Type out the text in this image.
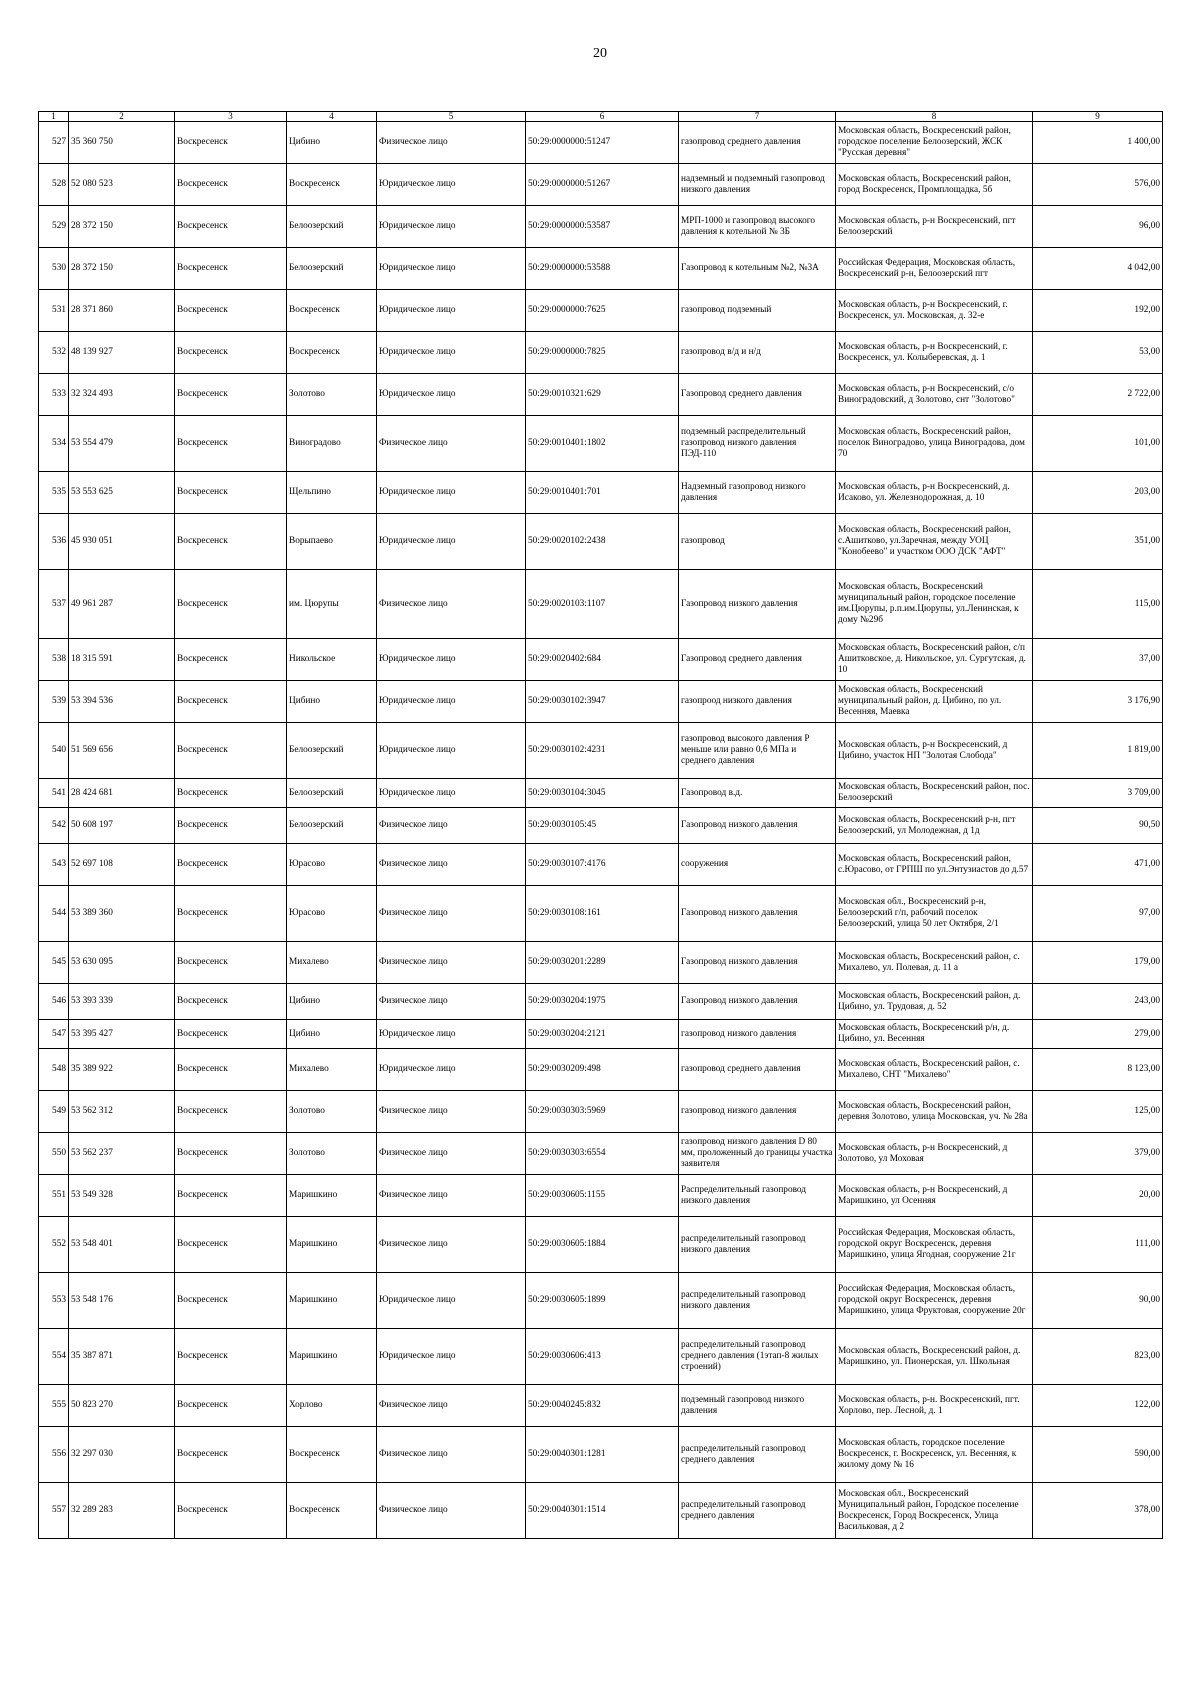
20
1	2	3	4	5	6	7	8	9
527	35 360 750	Воскресенск	Цибино	Физическое лицо	50:29:0000000:51247	газопровод среднего давления	Московская область, Воскресенский район, городское поселение Белоозерский, ЖСК "Русская деревня"	1 400,00
528	52 080 523	Воскресенск	Воскресенск	Юридическое лицо	50:29:0000000:51267	надземный и подземный газопровод низкого давления	Московская область, Воскресенский район, город Воскресенск, Промплощадка, 5б	576,00
529	28 372 150	Воскресенск	Белоозерский	Юридическое лицо	50:29:0000000:53587	МРП-1000 и газопровод высокого давления к котельной № 3Б	Московская область, р-н Воскресенский, пгт Белоозерский	96,00
530	28 372 150	Воскресенск	Белоозерский	Юридическое лицо	50:29:0000000:53588	Газопровод к котельным №2, №3А	Российская Федерация, Московская область, Воскресенский р-н, Белоозерский пгт	4 042,00
531	28 371 860	Воскресенск	Воскресенск	Юридическое лицо	50:29:0000000:7625	газопровод подземный	Московская область, р-н Воскресенский, г. Воскресенск, ул. Московская, д. 32-е	192,00
532	48 139 927	Воскресенск	Воскресенск	Юридическое лицо	50:29:0000000:7825	газопровод в/д и н/д	Московская область, р-н Воскресенский, г. Воскресенск, ул. Колыберевская, д. 1	53,00
533	32 324 493	Воскресенск	Золотово	Юридическое лицо	50:29:0010321:629	Газопровод среднего давления	Московская область, р-н Воскресенский, с/о Виноградовский, д Золотово, снт "Золотово"	2 722,00
534	53 554 479	Воскресенск	Виноградово	Физическое лицо	50:29:0010401:1802	подземный распределительный газопровод низкого давления ПЭД-110	Московская область, Воскресенский район, поселок Виноградово, улица Виноградова, дом 70	101,00
535	53 553 625	Воскресенск	Щельпино	Юридическое лицо	50:29:0010401:701	Надземный газопровод низкого давления	Московская область, р-н Воскресенский, д. Исаково, ул. Железнодорожная, д. 10	203,00
536	45 930 051	Воскресенск	Ворыпаево	Юридическое лицо	50:29:0020102:2438	газопровод	Московская область, Воскресенский район, с.Ашитково, ул.Заречная, между УОЦ "Конобеево" и участком ООО ДСК "АФТ"	351,00
537	49 961 287	Воскресенск	им. Цюрупы	Физическое лицо	50:29:0020103:1107	Газопровод низкого давления	Московская область, Воскресенский муниципальный район, городское поселение им.Цюрупы, р.п.им.Цюрупы, ул.Ленинская, к дому №29б	115,00
538	18 315 591	Воскресенск	Никольское	Юридическое лицо	50:29:0020402:684	Газопровод среднего давления	Московская область, Воскресенский район, с/п Ашитковское, д. Никольское, ул. Сургутская, д. 10	37,00
539	53 394 536	Воскресенск	Цибино	Юридическое лицо	50:29:0030102:3947	газопроод низкого давления	Московская область, Воскресенский муниципальный район, д. Цибино, по ул. Весенняя, Маевка	3 176,90
540	51 569 656	Воскресенск	Белоозерский	Юридическое лицо	50:29:0030102:4231	газопровод высокого давления Р меньше или равно 0,6 МПа и среднего давления	Московская область, р-н Воскресенский, д Цибино, участок НП "Золотая Слобода"	1 819,00
541	28 424 681	Воскресенск	Белоозерский	Юридическое лицо	50:29:0030104:3045	Газопровод в.д.	Московская область, Воскресенский район, пос. Белоозерский	3 709,00
542	50 608 197	Воскресенск	Белоозерский	Физическое лицо	50:29:0030105:45	Газопровод низкого давления	Московская область, Воскресенский р-н, пгт Белоозерский, ул Молодежная, д 1д	90,50
543	52 697 108	Воскресенск	Юрасово	Физическое лицо	50:29:0030107:4176	сооружения	Московская область, Воскресенский район, с.Юрасово, от ГРПШ по ул.Энтузиастов до д.57	471,00
544	53 389 360	Воскресенск	Юрасово	Физическое лицо	50:29:0030108:161	Газопровод низкого давления	Московская обл., Воскресенский р-н, Белоозерский г/п, рабочий поселок Белоозерский, улица 50 лет Октября, 2/1	97,00
545	53 630 095	Воскресенск	Михалево	Физическое лицо	50:29:0030201:2289	Газопровод низкого давления	Московская область, Воскресенский район, с. Михалево, ул. Полевая, д. 11 а	179,00
546	53 393 339	Воскресенск	Цибино	Физическое лицо	50:29:0030204:1975	Газопровод низкого давления	Московская область, Воскресенский район, д. Цибино, ул. Трудовая, д. 52	243,00
547	53 395 427	Воскресенск	Цибино	Юридическое лицо	50:29:0030204:2121	газопровод низкого давления	Московская область, Воскресенский р/н, д. Цибино, ул. Весенняя	279,00
548	35 389 922	Воскресенск	Михалево	Юридическое лицо	50:29:0030209:498	газопровод среднего давления	Московская область, Воскресенский район, с. Михалево, СНТ "Михалево"	8 123,00
549	53 562 312	Воскресенск	Золотово	Физическое лицо	50:29:0030303:5969	газопровод низкого давления	Московская область, Воскресенский район, деревня Золотово, улица Московская, уч. № 28а	125,00
550	53 562 237	Воскресенск	Золотово	Физическое лицо	50:29:0030303:6554	газопровод низкого давления D 80 мм, проложенный до границы участка заявителя	Московская область, р-н Воскресенский, д Золотово, ул Моховая	379,00
551	53 549 328	Воскресенск	Маришкино	Физическое лицо	50:29:0030605:1155	Распределительный газопровод низкого давления	Московская область, р-н Воскресенский, д Маришкино, ул Осенняя	20,00
552	53 548 401	Воскресенск	Маришкино	Физическое лицо	50:29:0030605:1884	распределительный газопровод низкого давления	Российская Федерация, Московская область, городской округ Воскресенск, деревня Маришкино, улица Ягодная, сооружение 21г	111,00
553	53 548 176	Воскресенск	Маришкино	Юридическое лицо	50:29:0030605:1899	распределительный газопровод низкого давления	Российская Федерация, Московская область, городской округ Воскресенск, деревня Маришкино, улица Фруктовая, сооружение 20г	90,00
554	35 387 871	Воскресенск	Маришкино	Юридическое лицо	50:29:0030606:413	распределительный газопровод среднего давления (1этап-8 жилых строений)	Московская область, Воскресенский район, д. Маришкино, ул. Пионерская, ул. Школьная	823,00
555	50 823 270	Воскресенск	Хорлово	Физическое лицо	50:29:0040245:832	подземный газопровод низкого давления	Московская область, р-н. Воскресенский, пгт. Хорлово, пер. Лесной, д. 1	122,00
556	32 297 030	Воскресенск	Воскресенск	Физическое лицо	50:29:0040301:1281	распределительный газопровод среднего давления	Московская область, городское поселение Воскресенск, г. Воскресенск, ул. Весенняя, к жилому дому № 16	590,00
557	32 289 283	Воскресенск	Воскресенск	Физическое лицо	50:29:0040301:1514	распределительный газопровод среднего давления	Московская обл., Воскресенский Муниципальный район, Городское поселение Воскресенск, Город Воскресенск, Улица Васильковая, д 2	378,00
